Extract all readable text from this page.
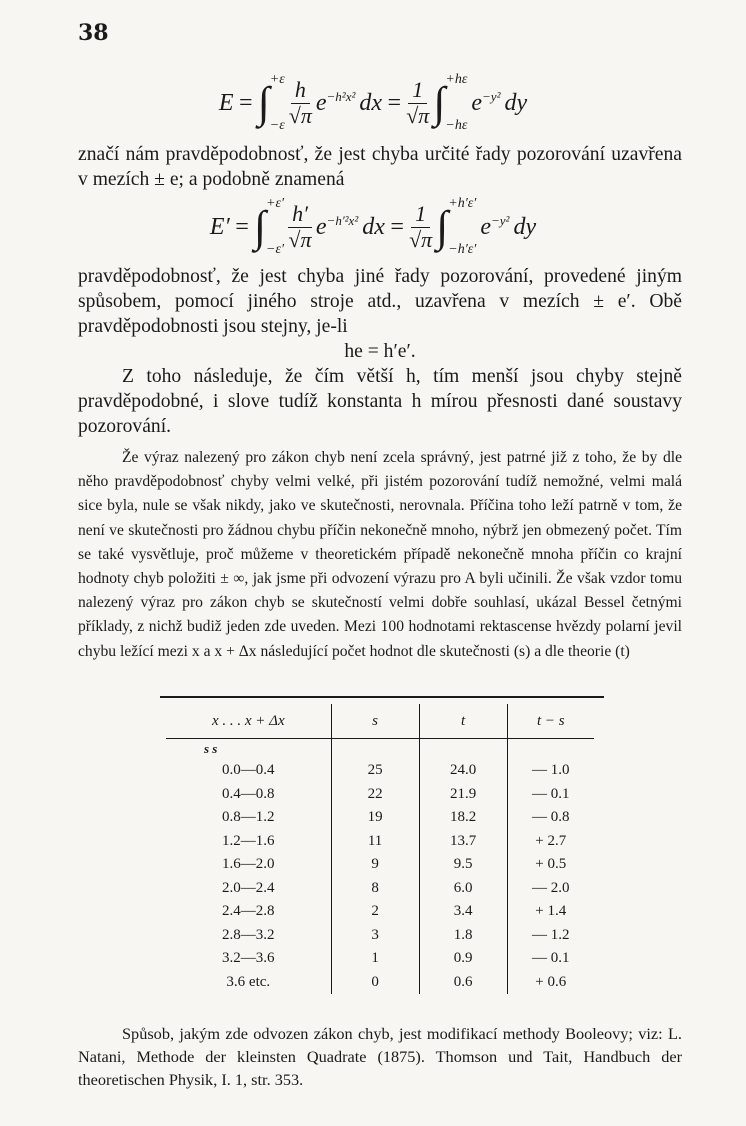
38
E = ∫ +ε
$-\varepsilon \frac{h}{√\pi} e^{-h^2x^2}$ dx = $\frac{1}{√\pi}$ ∫ +hε
−hε
$e^{-y^2}$ dy

značí nám pravděpodobnosť, že jest chyba určité řady pozorování uzavřena v mezích ± e; a podobně znamená

E′ = ∫ +ε′
$-\varepsilon' \frac{h'}{√\pi} e^{-h'^2x^2}$ dx = $\frac{1}{√\pi}$ ∫ +h′ε′
−h′ε′
$e^{-y^2}$ dy

pravděpodobnosť, že jest chyba jiné řady pozorování, provedené jiným spůsobem, pomocí jiného stroje atd., uzavřena v mezích ± e′. Obě pravděpodobnosti jsou stejny, je-li

he = h′e′.

Z toho následuje, že čím větší h, tím menší jsou chyby stejně pravděpodobné, i slove tudíž konstanta h mírou přesnosti dané soustavy pozorování.

Že výraz nalezený pro zákon chyb není zcela správný, jest patrné již z toho, že by dle něho pravděpodobnosť chyby velmi velké, při jistém pozorování tudíž nemožné, velmi malá sice byla, nule se však nikdy, jako ve skutečnosti, nerovnala. Příčina toho leží patrně v tom, že není ve skutečnosti pro žádnou chybu příčin nekonečně mnoho, nýbrž jen obmezený počet. Tím se také vysvětluje, proč můžeme v theoretickém případě nekonečně mnoha příčin co krajní hodnoty chyb položiti ± ∞, jak jsme při odvození výrazu pro A byli učinili. Že však vzdor tomu nalezený výraz pro zákon chyb se skutečností velmi dobře souhlasí, ukázal Bessel četnými příklady, z nichž budiž jeden zde uveden. Mezi 100 hodnotami rektascense hvězdy polarní jevil chybu ležící mezi x a x + Δx následující počet hodnot dle skutečnosti (s) a dle theorie (t)

x . . . x + Δx	s	t	t − s
s s			
0.0—0.4	25	24.0	— 1.0
0.4—0.8	22	21.9	— 0.1
0.8—1.2	19	18.2	— 0.8
1.2—1.6	11	13.7	+ 2.7
1.6—2.0	9	9.5	+ 0.5
2.0—2.4	8	6.0	— 2.0
2.4—2.8	2	3.4	+ 1.4
2.8—3.2	3	1.8	— 1.2
3.2—3.6	1	0.9	— 0.1
3.6 etc.	0	0.6	+ 0.6

Spůsob, jakým zde odvozen zákon chyb, jest modifikací methody Booleovy; viz: L. Natani, Methode der kleinsten Quadrate (1875). Thomson und Tait, Handbuch der theoretischen Physik, I. 1, str. 353.
